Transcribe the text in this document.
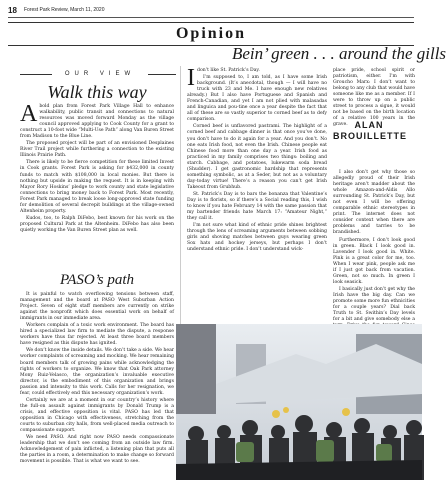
18 Forest Park Review, March 11, 2020
Opinion
OUR VIEW
Walk this way

Abold plan from Forest Park Village Hall to enhance walkability, public transit and connections to natural resources was moved forward Monday as the village council approved applying to Cook County for a grant to construct a 10-foot wide “Multi-Use Path” along Van Buren Street from Madison to the Blue Line.

The proposed project will be part of an envisioned Desplaines River Trail project while furthering a connection to the existing Illinois Prairie Path.

There is likely to be fierce competition for these limited Invest in Cook grants. Forest Park is asking for $432,000 in county funds to match with $108,000 in local monies. But there is nothing but upside in making the request. It is in keeping with Mayor Rory Hoskins’ pledge to work county and state legislative connections to bring money back to Forest Park. Most recently, Forest Park managed to break loose long-approved state funding for demolition of several decrepit buildings at the village-owned Altenheim property.

Kudos, too, to Ralph DiFebo, best known for his work on the proposed Cultural Park at the Altenheim. DiFebo has also been quietly working the Van Buren Street plan as well.

PASO’s path

It is painful to watch overflowing tensions between staff, management and the board at PASO West Suburban Action Project. Seven of eight staff members are currently on strike against the nonprofit which does essential work on behalf of immigrants in our immediate area.

Workers complain of a toxic work environment. The board has hired a specialized law firm to mediate the dispute, a response workers have thus far rejected. At least three board members have resigned as this dispute has ignited.

We don’t know the inside details. We don’t take a side. We hear worker complaints of screaming and mocking. We hear remaining board members talk of growing pains while acknowledging the rights of workers to organize. We know that Oak Park attorney Mony Ruiz-Velasco, the organization’s invaluable executive director, is the embodiment of this organization and brings passion and intensity to this work. Calls for her resignation, we fear, could effectively end this necessary organization’s work.

Certainly we are at a moment in our country’s history where the full-on assault against immigrants by Donald Trump is a crisis, and effective opposition is vital. PASO has led that opposition in Chicago with effectiveness, stretching from the courts to suburban city halls, from well-placed media outreach to compassionate support.

We need PASO. And right now PASO needs compassionate leadership that we don’t see coming from an outside law firm. Acknowledgement of pain inflicted, a listening plan that puts all the parties in a room, a determination to make change so forward movement is possible. That is what we want to see.

Bein’ green . . . around the gills

Idon’t like St. Patrick’s Day.

I’m supposed to, I am told, as I have some Irish background. (It’s anecdotal, though — I will have no truck with 23 and Me. I have enough new relatives already.) But I also have Portuguese and Spanish and French-Canadian, and yet I am not plied with malasadas and linguica and pou-tine once a year despite the fact that all of these are so vastly superior to corned beef as to defy comparison.

Corned beef is unflavored pastrami. The highlight of a corned beef and cabbage dinner is that once you’ve done, you don’t have to do it again for a year. And you don’t. No one eats Irish food, not even the Irish. Chinese people eat Chinese food more than one day a year. Irish food as practiced in my family comprises two things: boiling and starch. Cabbage, and potatoes, lukewarm soda bread (Shudder). I get gastronomic hardship that represents something symbolic, as at a Seder, but not as a voluntary day-today virtue! There’s a reason you can’t get Irish Takeout from Grubhub.

St. Patrick’s Day is to bars the bonanza that Valentine’s Day is to florists, so if there’s a Social reading this, I wish to know if you hate February 14 with the same passion that my bartender friends hate March 17: “Amateur Night,” they call it.

I’m not sure what kind of ethnic pride shines brightest through the lens of screaming arguments between sobbing girls and shoving matches between guys wearing green Sox hats and hockey jerseys, but perhaps I don’t understand ethnic pride. I don’t understand wick-

ALAN BROUILLETTE

place pride, school spirit or patriotism, either. I’m with Groucho Marx: I don’t want to belong to any club that would have someone like me as a member. If I were to throw up on a public street to process a sigue, it would not be based on the birth location of a relative 100 years in the grave.

I also don’t get why those so allegedly proud of their Irish heritage aren’t madder about the whole Amazon-and-Aldis Allo surrounding St. Patrick’s Day, but not even I will be offering comparable ethnic stereotypes in print. The internet does not consider context when there are problems and tarries to be brandished.

Furthermore, I don’t look good in green. Black I look good in. Lavender I look good in. White. Pink is a great color for me, too. When I wear pink, people ask me if I just got back from vacation. Green, not so much. In green I look seasick.

I basically just don’t get why the Irish have the big day. Can we promote some more fun ethnicities for a couple years? Dial back Truth to St. Swithin’s Day levels for a bit and give somebody else a
